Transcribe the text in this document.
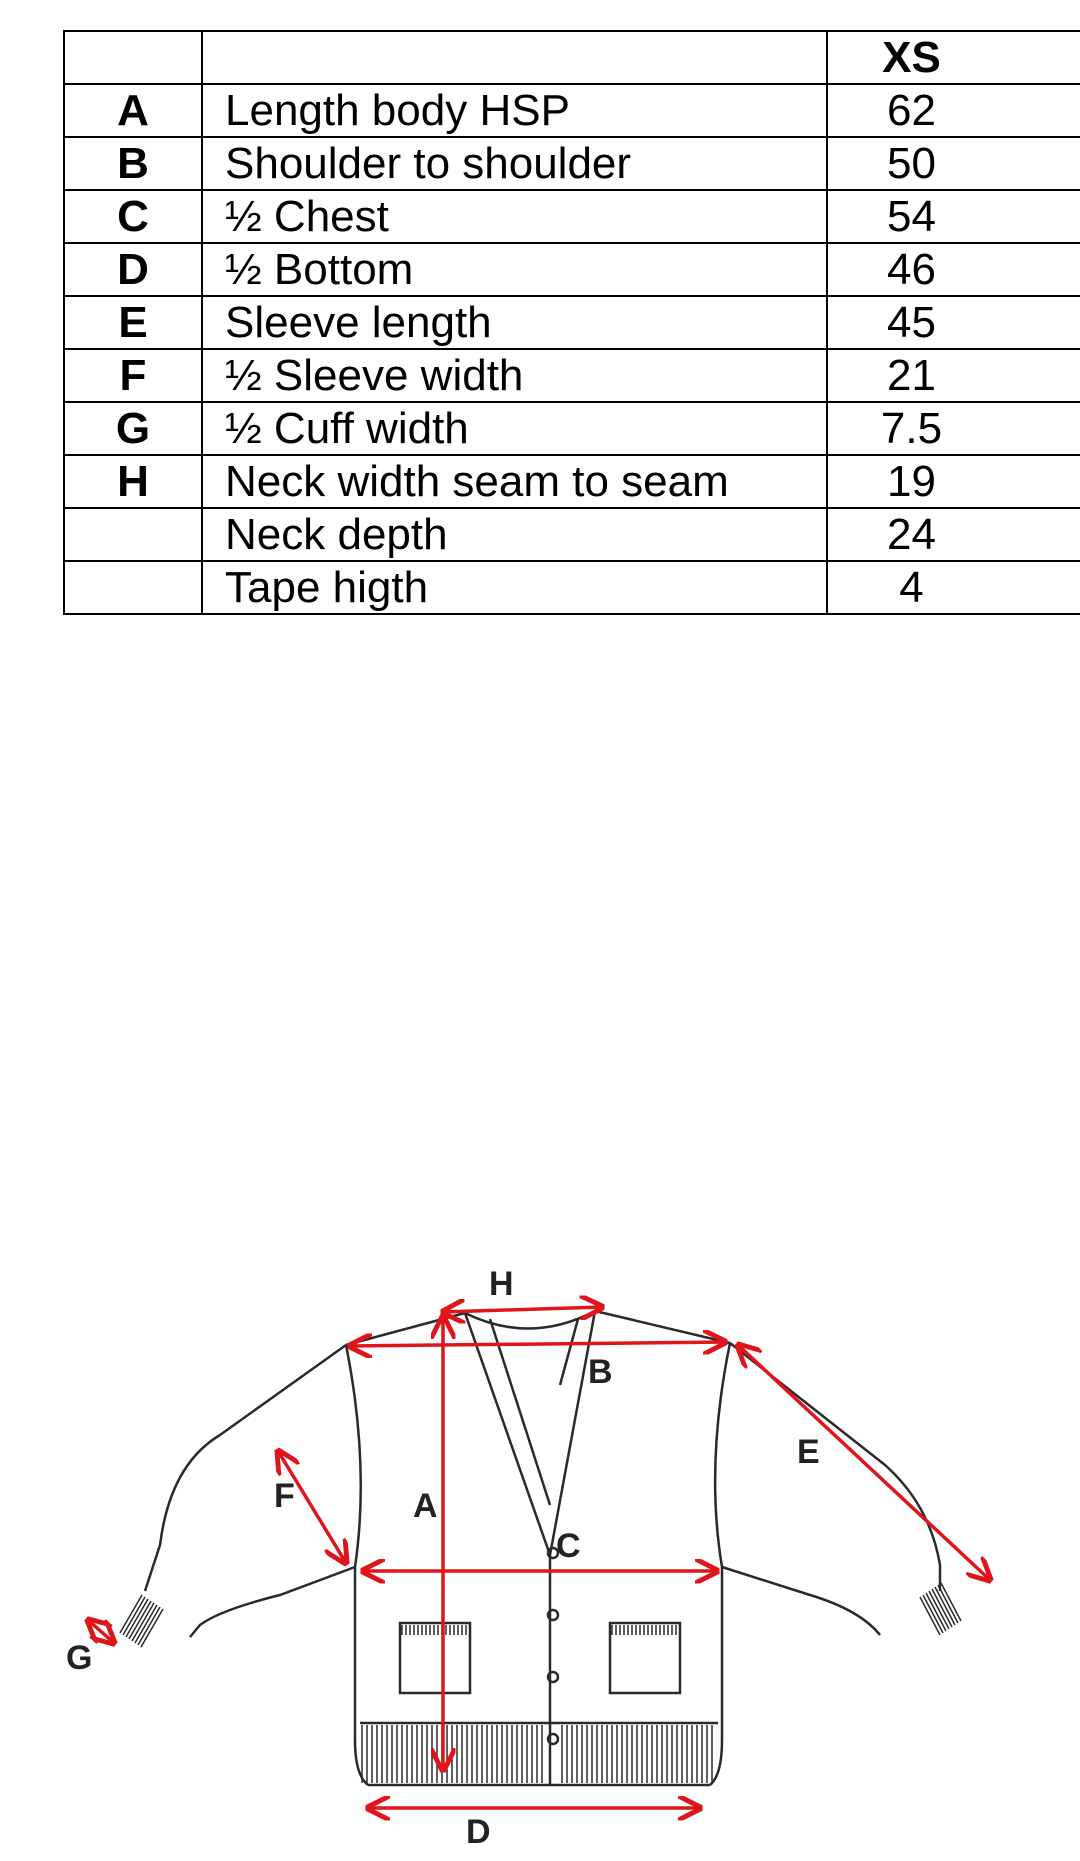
		XS
A	Length body HSP	62
B	Shoulder to shoulder	50
C	½ Chest	54
D	½ Bottom	46
E	Sleeve length	45
F	½ Sleeve width	21
G	½ Cuff width	7.5
H	Neck width seam to seam	19
	Neck depth	24
	Tape higth	4
H
B
A
C
D
E
F
G
